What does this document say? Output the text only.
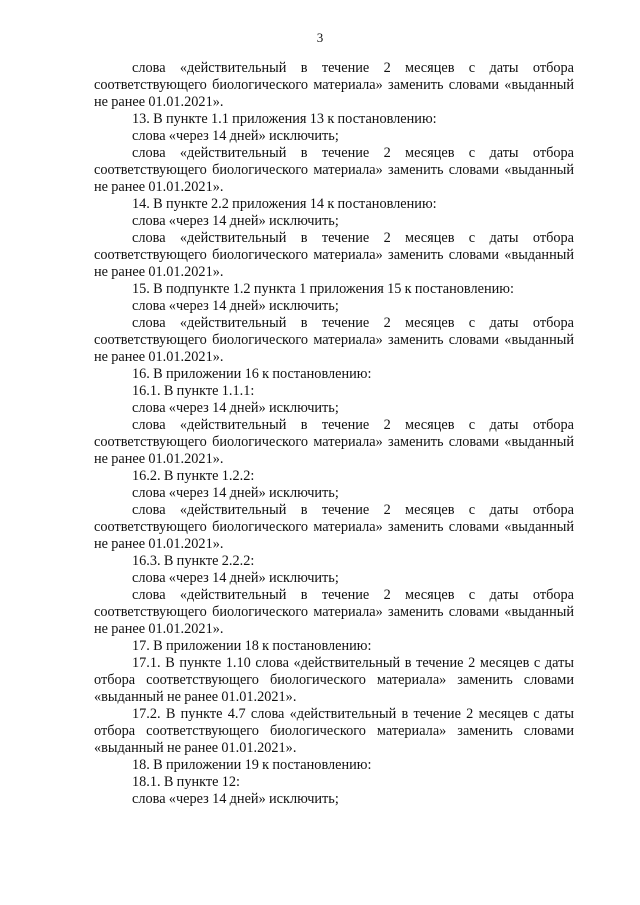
3

слова «действительный в течение 2 месяцев с даты отбора соответствующего биологического материала» заменить словами «выданный не ранее 01.01.2021».

13. В пункте 1.1 приложения 13 к постановлению:

слова «через 14 дней» исключить;

слова «действительный в течение 2 месяцев с даты отбора соответствующего биологического материала» заменить словами «выданный не ранее 01.01.2021».

14. В пункте 2.2 приложения 14 к постановлению:

слова «через 14 дней» исключить;

слова «действительный в течение 2 месяцев с даты отбора соответствующего биологического материала» заменить словами «выданный не ранее 01.01.2021».

15. В подпункте 1.2 пункта 1 приложения 15 к постановлению:

слова «через 14 дней» исключить;

слова «действительный в течение 2 месяцев с даты отбора соответствующего биологического материала» заменить словами «выданный не ранее 01.01.2021».

16. В приложении 16 к постановлению:

16.1. В пункте 1.1.1:

слова «через 14 дней» исключить;

слова «действительный в течение 2 месяцев с даты отбора соответствующего биологического материала» заменить словами «выданный не ранее 01.01.2021».

16.2. В пункте 1.2.2:

слова «через 14 дней» исключить;

слова «действительный в течение 2 месяцев с даты отбора соответствующего биологического материала» заменить словами «выданный не ранее 01.01.2021».

16.3. В пункте 2.2.2:

слова «через 14 дней» исключить;

слова «действительный в течение 2 месяцев с даты отбора соответствующего биологического материала» заменить словами «выданный не ранее 01.01.2021».

17. В приложении 18 к постановлению:

17.1. В пункте 1.10 слова «действительный в течение 2 месяцев с даты отбора соответствующего биологического материала» заменить словами «выданный не ранее 01.01.2021».

17.2. В пункте 4.7 слова «действительный в течение 2 месяцев с даты отбора соответствующего биологического материала» заменить словами «выданный не ранее 01.01.2021».

18. В приложении 19 к постановлению:

18.1. В пункте 12:

слова «через 14 дней» исключить;
